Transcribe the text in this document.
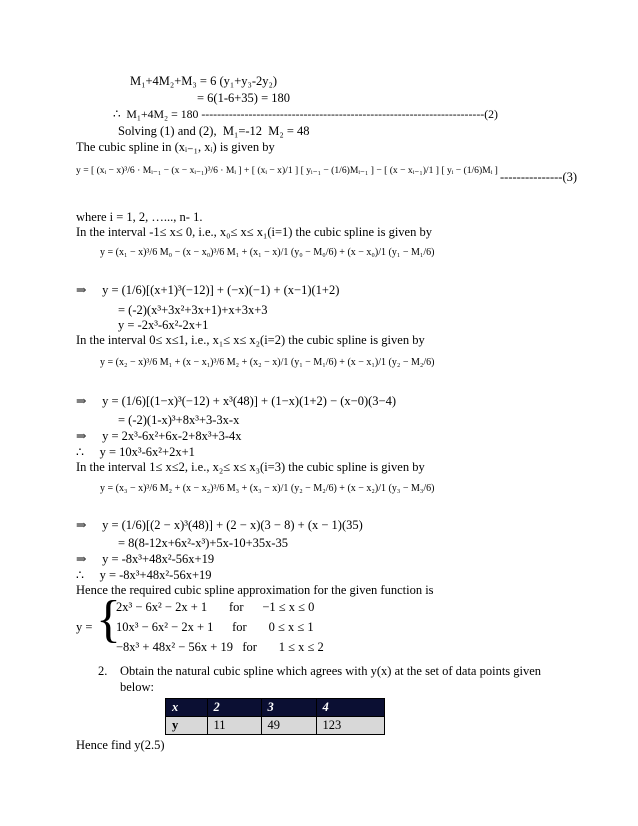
M₁+4M₂+M₃ = 6 (y₁+y₃-2y₂)
= 6(1-6+35) = 180
∴  M₁+4M₂ = 180 ------------------------------------------------------------------------(2)
Solving (1) and (2),  M₁=-12  M₂ = 48
The cubic spline in (xᵢ₋₁, xᵢ) is given by
y = [ (xᵢ − x)³/6 · Mᵢ₋₁ − (x − xᵢ₋₁)³/6 · Mᵢ ] + [ (xᵢ − x)/1 ] [ yᵢ₋₁ − (1/6)Mᵢ₋₁ ] − [ (x − xᵢ₋₁)/1 ] [ yᵢ − (1/6)Mᵢ ] ---------------(3)
where i = 1, 2, …..., n- 1.
In the interval -1≤ x≤ 0, i.e., x₀≤ x≤ x₁(i=1) the cubic spline is given by
y = (x₁ − x)³/6 M₀ − (x − x₀)³/6 M₁ + (x₁ − x)/1 (y₀ − M₀/6) + (x − x₀)/1 (y₁ − M₁/6)
⇒     y = (1/6)[(x+1)³(−12)] + (−x)(−1) + (x−1)(1+2)
= (-2)(x³+3x²+3x+1)+x+3x+3
y = -2x³-6x²-2x+1
In the interval 0≤ x≤1, i.e., x₁≤ x≤ x₂(i=2) the cubic spline is given by
y = (x₂ − x)³/6 M₁ + (x − x₁)³/6 M₂ + (x₂ − x)/1 (y₁ − M₁/6) + (x − x₁)/1 (y₂ − M₂/6)
⇒     y = (1/6)[(1−x)³(−12) + x³(48)] + (1−x)(1+2) − (x−0)(3−4)
= (-2)(1-x)³+8x³+3-3x-x
⇒     y = 2x³-6x²+6x-2+8x³+3-4x
∴     y = 10x³-6x²+2x+1
In the interval 1≤ x≤2, i.e., x₂≤ x≤ x₃(i=3) the cubic spline is given by
y = (x₃ − x)³/6 M₂ + (x − x₂)³/6 M₃ + (x₃ − x)/1 (y₂ − M₂/6) + (x − x₂)/1 (y₃ − M₃/6)
⇒     y = (1/6)[(2 − x)³(48)] + (2 − x)(3 − 8) + (x − 1)(35)
= 8(8-12x+6x²-x³)+5x-10+35x-35
⇒     y = -8x³+48x²-56x+19
∴     y = -8x³+48x²-56x+19
Hence the required cubic spline approximation for the given function is
y = {
2x³ − 6x² − 2x + 1       for      −1 ≤ x ≤ 0
10x³ − 6x² − 2x + 1      for       0 ≤ x ≤ 1
−8x³ + 48x² − 56x + 19   for       1 ≤ x ≤ 2
2. Obtain the natural cubic spline which agrees with y(x) at the set of data points given
below:
x	2	3	4
y	11	49	123
Hence find y(2.5)
